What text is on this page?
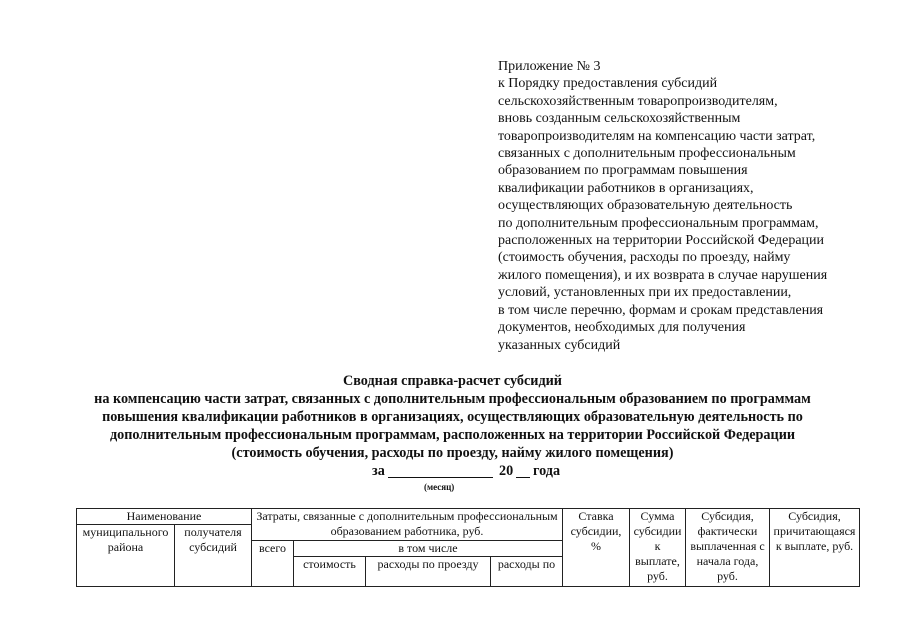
Приложение № 3
к Порядку предоставления субсидий
сельскохозяйственным товаропроизводителям,
вновь созданным сельскохозяйственным
товаропроизводителям на компенсацию части затрат,
связанных с дополнительным профессиональным
образованием по программам повышения
квалификации работников в организациях,
осуществляющих образовательную деятельность
по дополнительным профессиональным программам,
расположенных на территории Российской Федерации
(стоимость обучения, расходы по проезду, найму
жилого помещения), и их возврата в случае нарушения
условий, установленных при их предоставлении,
в том числе перечню, формам и срокам представления
документов, необходимых для получения
указанных субсидий
Сводная справка-расчет субсидий
на компенсацию части затрат, связанных с дополнительным профессиональным образованием по программам
повышения квалификации работников в организациях, осуществляющих образовательную деятельность по
дополнительным профессиональным программам, расположенных на территории Российской Федерации
(стоимость обучения, расходы по проезду, найму жилого помещения)
за	20 года
(месяц)
Наименование		Затраты, связанные с дополнительным профессиональным образованием работника, руб.				Ставка субсидии, %	Сумма субсидии к выплате, руб.	Субсидия, фактически выплаченная с начала года, руб.	Субсидия, причитающаяся к выплате, руб.
муниципального района	получателя субсидий								
		всего	в том числе						
			стоимость	расходы по проезду	расходы по				
